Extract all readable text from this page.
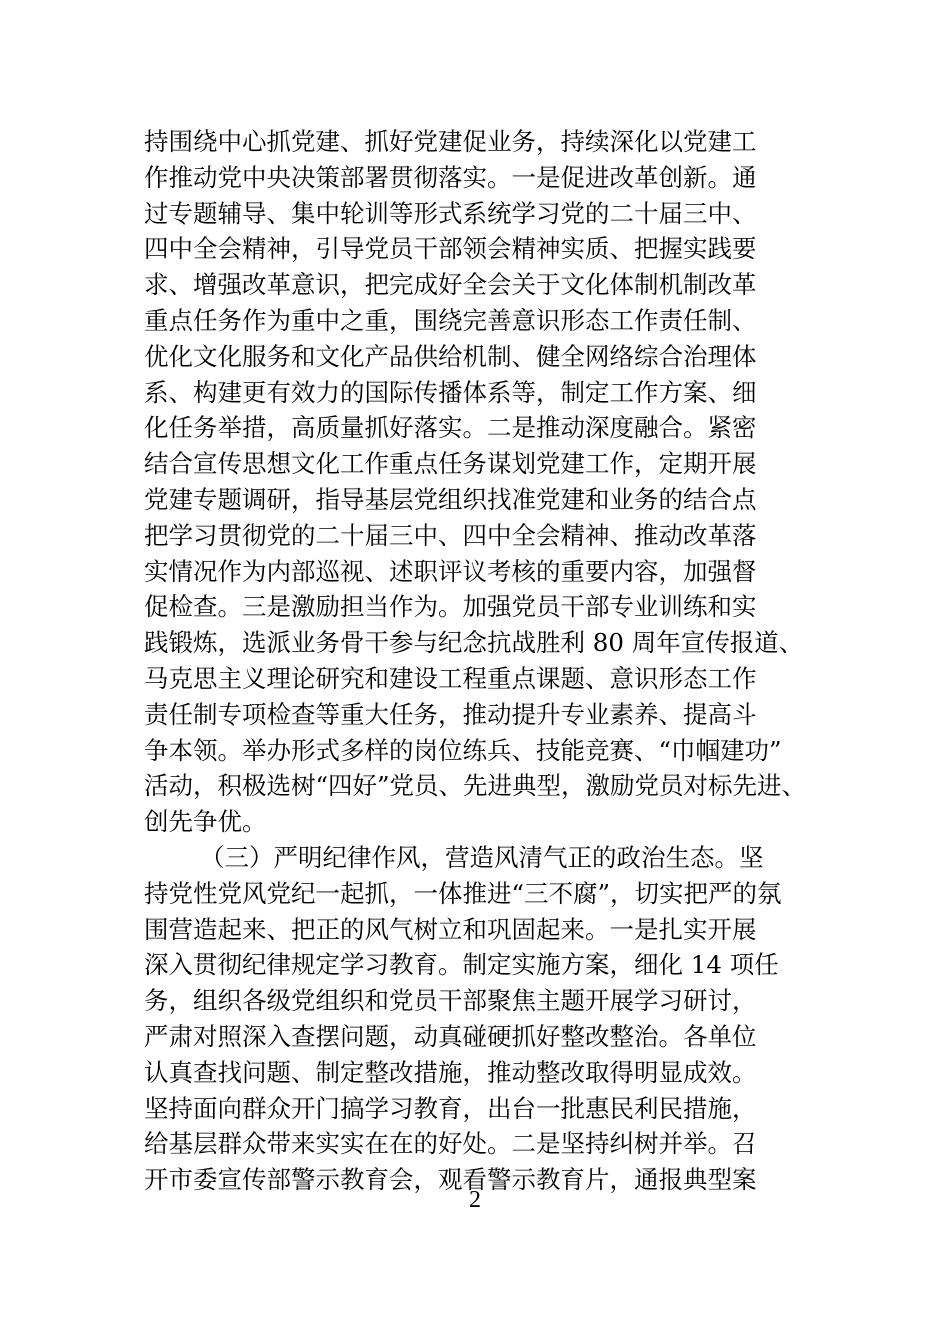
持围绕中心抓党建、抓好党建促业务，持续深化以党建工
作推动党中央决策部署贯彻落实。一是促进改革创新。通
过专题辅导、集中轮训等形式系统学习党的二十届三中、
四中全会精神，引导党员干部领会精神实质、把握实践要
求、增强改革意识，把完成好全会关于文化体制机制改革
重点任务作为重中之重，围绕完善意识形态工作责任制、
优化文化服务和文化产品供给机制、健全网络综合治理体
系、构建更有效力的国际传播体系等，制定工作方案、细
化任务举措，高质量抓好落实。二是推动深度融合。紧密
结合宣传思想文化工作重点任务谋划党建工作，定期开展
党建专题调研，指导基层党组织找准党建和业务的结合点
把学习贯彻党的二十届三中、四中全会精神、推动改革落
实情况作为内部巡视、述职评议考核的重要内容，加强督
促检查。三是激励担当作为。加强党员干部专业训练和实
践锻炼，选派业务骨干参与纪念抗战胜利 80 周年宣传报道、
马克思主义理论研究和建设工程重点课题、意识形态工作
责任制专项检查等重大任务，推动提升专业素养、提高斗
争本领。举办形式多样的岗位练兵、技能竞赛、“巾帼建功”
活动，积极选树“四好”党员、先进典型，激励党员对标先进、
创先争优。
（三）严明纪律作风，营造风清气正的政治生态。坚
持党性党风党纪一起抓，一体推进“三不腐”，切实把严的氛
围营造起来、把正的风气树立和巩固起来。一是扎实开展
深入贯彻纪律规定学习教育。制定实施方案，细化 14 项任
务，组织各级党组织和党员干部聚焦主题开展学习研讨，
严肃对照深入查摆问题，动真碰硬抓好整改整治。各单位
认真查找问题、制定整改措施，推动整改取得明显成效。
坚持面向群众开门搞学习教育，出台一批惠民利民措施，
给基层群众带来实实在在的好处。二是坚持纠树并举。召
开市委宣传部警示教育会，观看警示教育片，通报典型案
2
